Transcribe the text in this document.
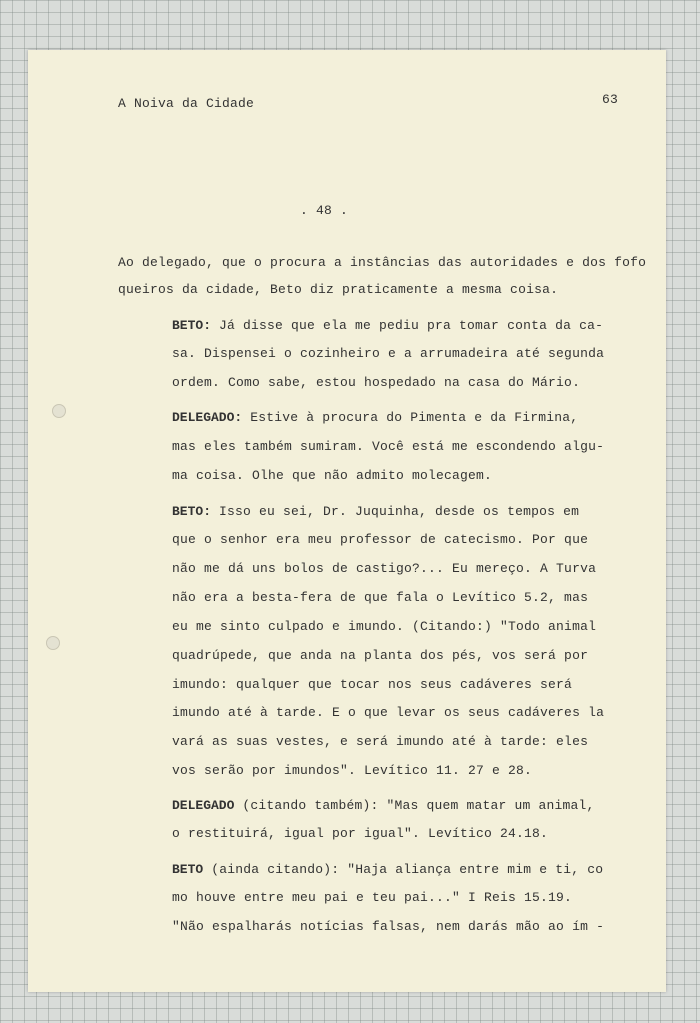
A Noiva da Cidade	63
. 48 .
Ao delegado, que o procura a instâncias das autoridades e dos fofo
queiros da cidade, Beto diz praticamente a mesma coisa.
BETO: Já disse que ela me pediu pra tomar conta da ca-
sa. Dispensei o cozinheiro e a arrumadeira até segunda
ordem. Como sabe, estou hospedado na casa do Mário.
DELEGADO: Estive à procura do Pimenta e da Firmina,
mas eles também sumiram. Você está me escondendo algu-
ma coisa. Olhe que não admito molecagem.
BETO: Isso eu sei, Dr. Juquinha, desde os tempos em
que o senhor era meu professor de catecismo. Por que
não me dá uns bolos de castigo?... Eu mereço. A Turva
não era a besta-fera de que fala o Levítico 5.2, mas
eu me sinto culpado e imundo. (Citando:) "Todo animal
quadrúpede, que anda na planta dos pés, vos será por
imundo: qualquer que tocar nos seus cadáveres será
imundo até à tarde. E o que levar os seus cadáveres la
vará as suas vestes, e será imundo até à tarde: eles
vos serão por imundos". Levítico 11. 27 e 28.
DELEGADO (citando também): "Mas quem matar um animal,
o restituirá, igual por igual". Levítico 24.18.
BETO (ainda citando): "Haja aliança entre mim e ti, co
mo houve entre meu pai e teu pai..." I Reis 15.19.
"Não espalharás notícias falsas, nem darás mão ao ím -
